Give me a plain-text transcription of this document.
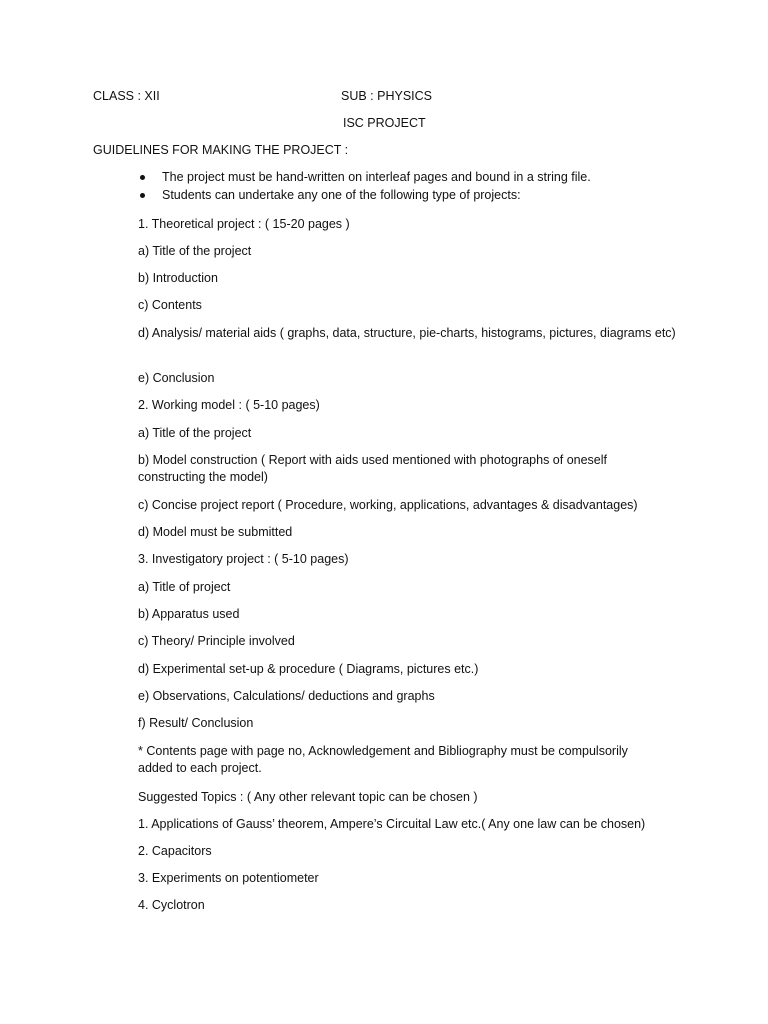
CLASS : XII	SUB : PHYSICS
ISC PROJECT
GUIDELINES FOR MAKING THE PROJECT :
The project must be hand-written on interleaf pages and bound in a string file.
Students can undertake any one of the following type of projects:
1. Theoretical project : ( 15-20 pages )
a) Title of the project
b) Introduction
c) Contents
d) Analysis/ material aids ( graphs, data, structure, pie-charts, histograms, pictures, diagrams etc)
e) Conclusion
2. Working model : ( 5-10 pages)
a) Title of the project
b) Model construction ( Report with aids used mentioned with photographs of oneself constructing the model)
c) Concise project report ( Procedure, working, applications, advantages & disadvantages)
d) Model must be submitted
3. Investigatory project : ( 5-10 pages)
a) Title of project
b) Apparatus used
c) Theory/ Principle involved
d) Experimental set-up & procedure ( Diagrams, pictures etc.)
e) Observations, Calculations/ deductions and graphs
f) Result/ Conclusion
* Contents page with page no, Acknowledgement and Bibliography must be compulsorily added to each project.
Suggested Topics : ( Any other relevant topic can be chosen )
1. Applications of Gauss’ theorem, Ampere’s Circuital Law etc.( Any one law can be chosen)
2. Capacitors
3. Experiments on potentiometer
4. Cyclotron
